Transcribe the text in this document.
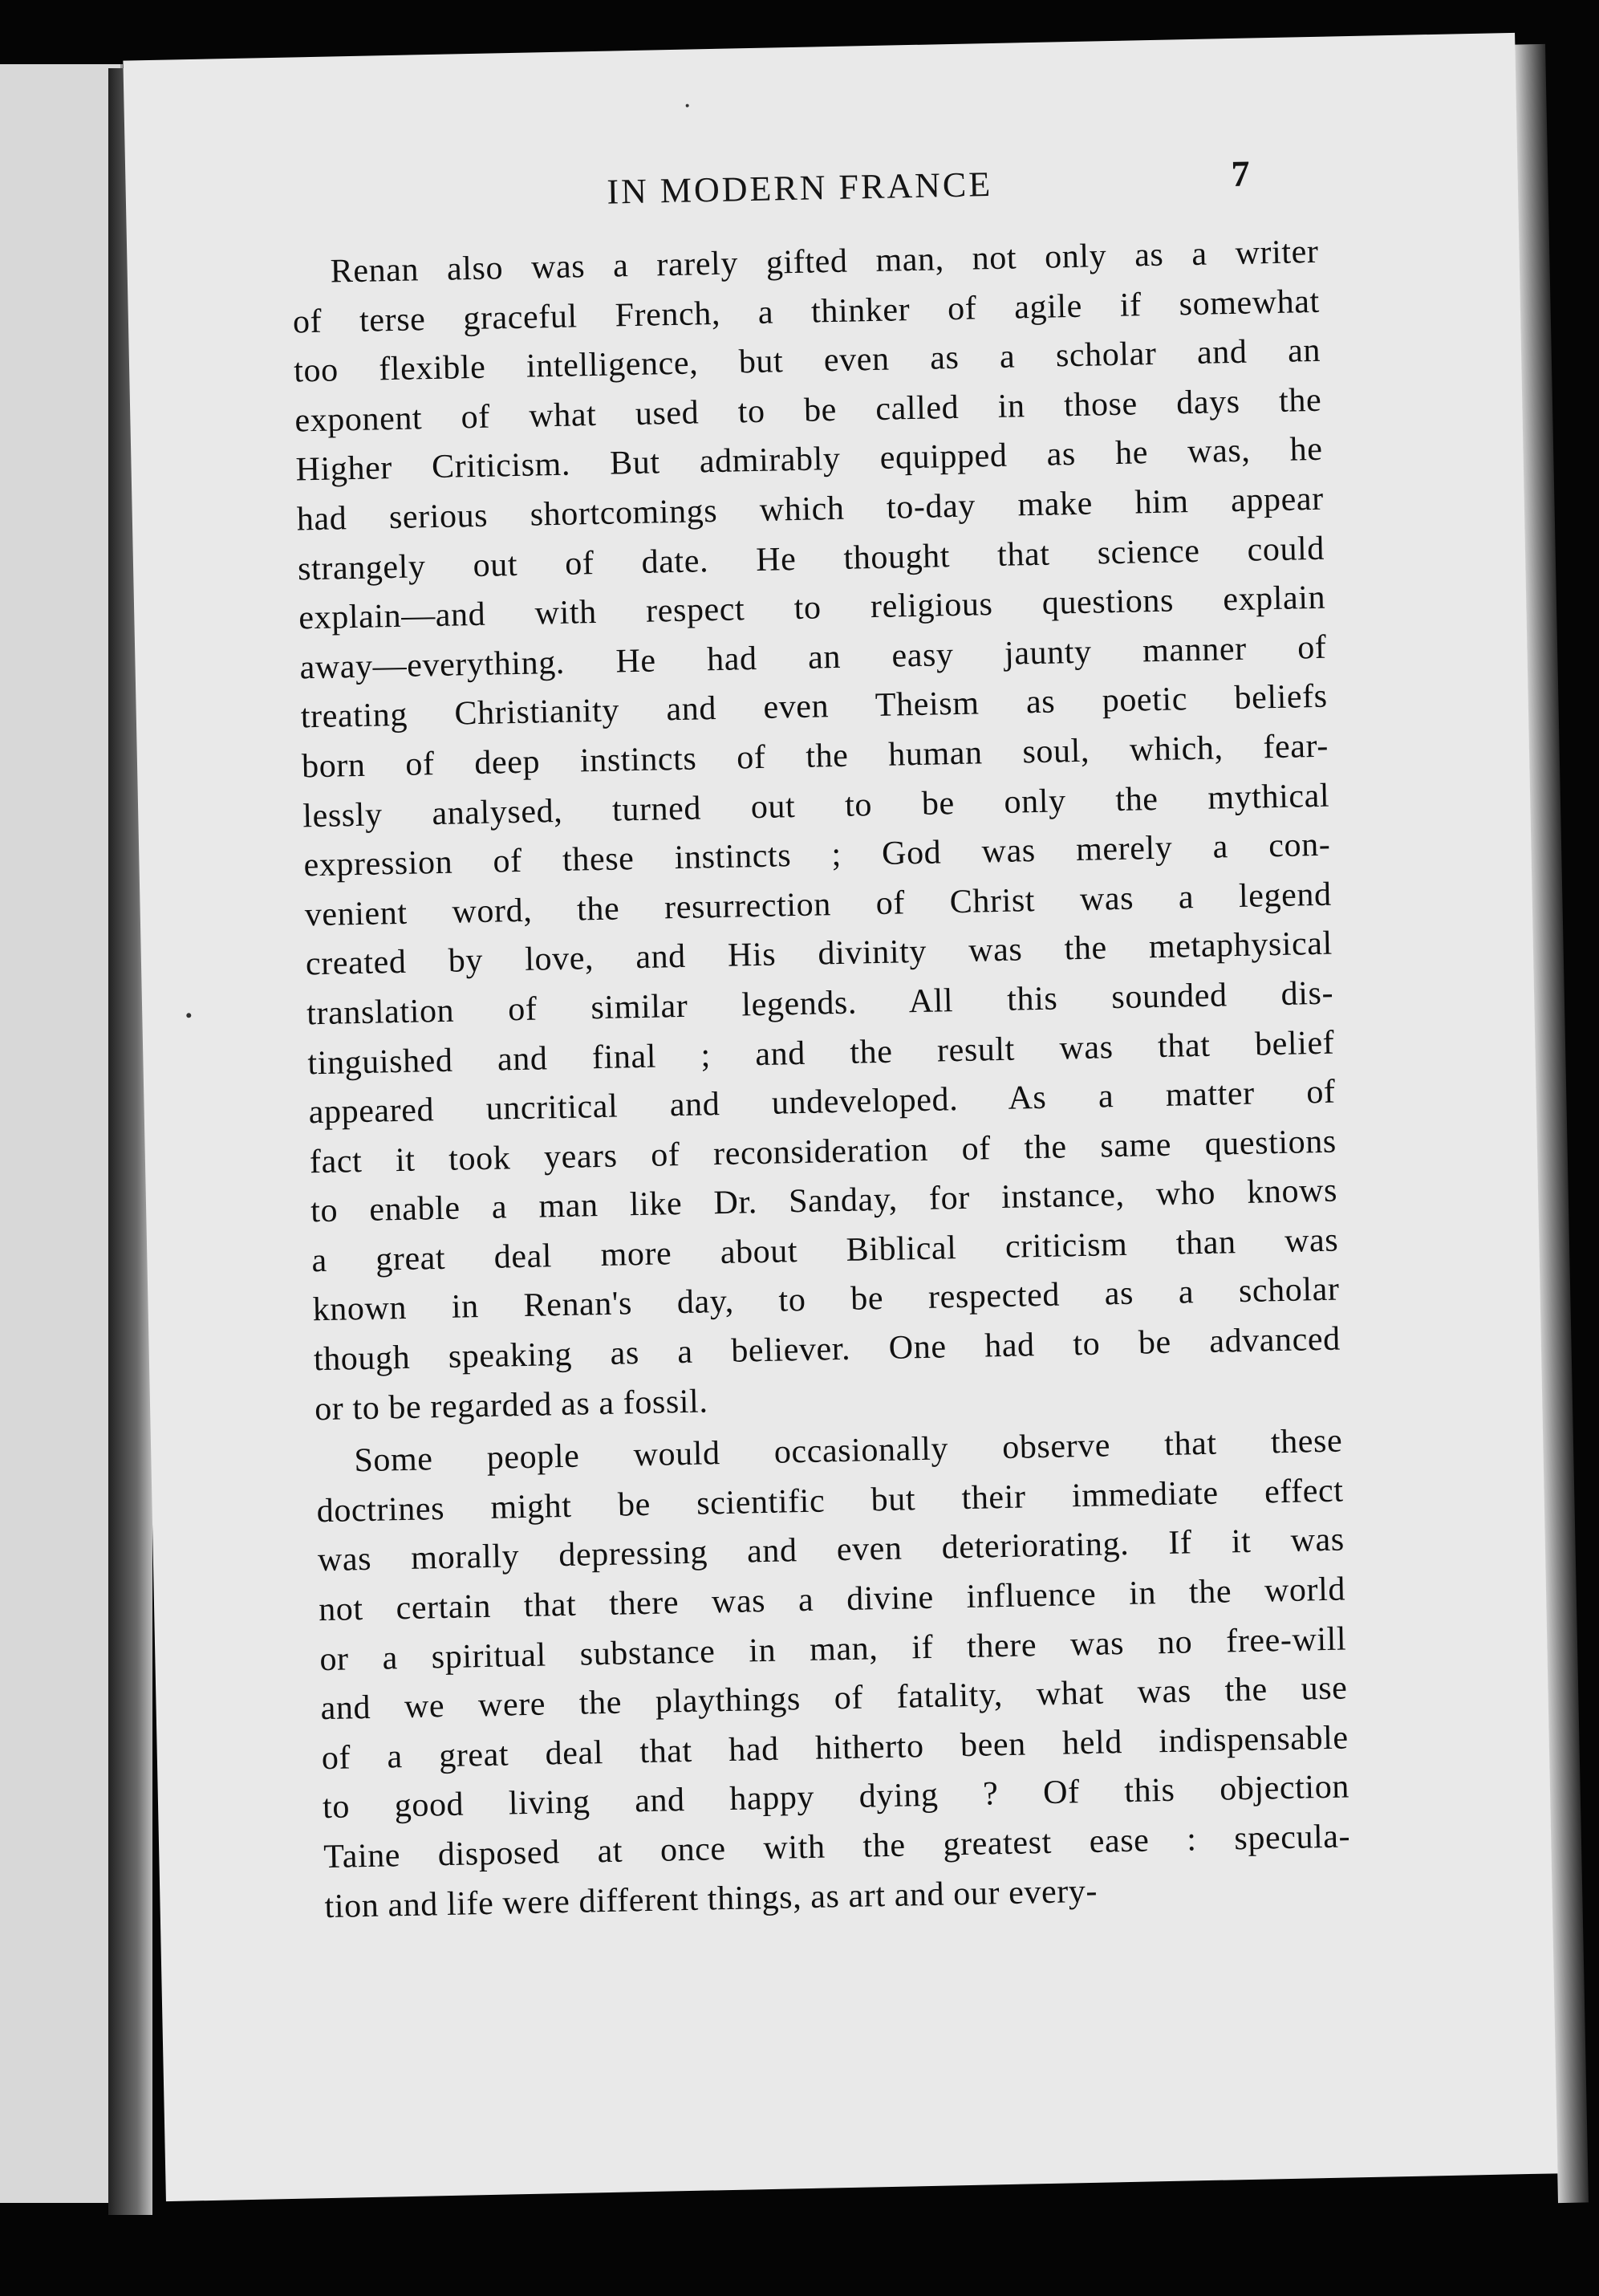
IN MODERN FRANCE	7
Renan also was a rarely gifted man, not only as a writer
of terse graceful French, a thinker of agile if somewhat
too flexible intelligence, but even as a scholar and an
exponent of what used to be called in those days the
Higher Criticism. But admirably equipped as he was, he
had serious shortcomings which to-day make him appear
strangely out of date. He thought that science could
explain—and with respect to religious questions explain
away—everything. He had an easy jaunty manner of
treating Christianity and even Theism as poetic beliefs
born of deep instincts of the human soul, which, fear-
lessly analysed, turned out to be only the mythical
expression of these instincts ; God was merely a con-
venient word, the resurrection of Christ was a legend
created by love, and His divinity was the metaphysical
translation of similar legends. All this sounded dis-
tinguished and final ; and the result was that belief
appeared uncritical and undeveloped. As a matter of
fact it took years of reconsideration of the same questions
to enable a man like Dr. Sanday, for instance, who knows
a great deal more about Biblical criticism than was
known in Renan's day, to be respected as a scholar
though speaking as a believer. One had to be advanced
or to be regarded as a fossil.
Some people would occasionally observe that these
doctrines might be scientific but their immediate effect
was morally depressing and even deteriorating. If it was
not certain that there was a divine influence in the world
or a spiritual substance in man, if there was no free-will
and we were the playthings of fatality, what was the use
of a great deal that had hitherto been held indispensable
to good living and happy dying ? Of this objection
Taine disposed at once with the greatest ease : specula-
tion and life were different things, as art and our every-
